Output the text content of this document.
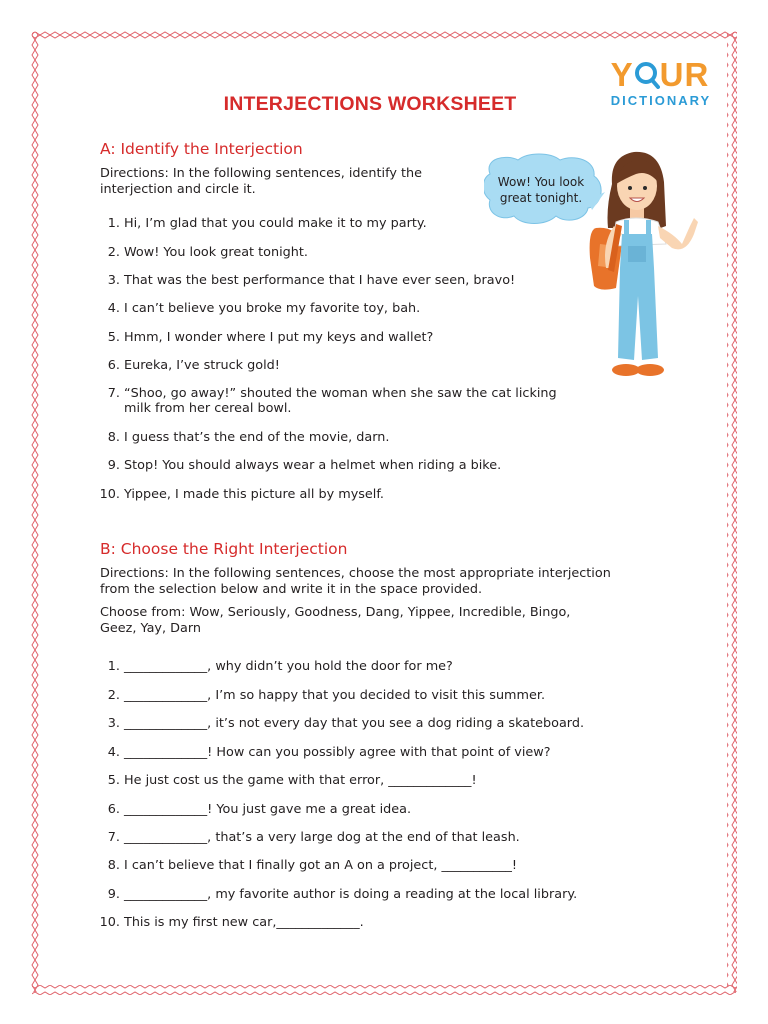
Y UR
DICTIONARY
INTERJECTIONS WORKSHEET
A: Identify the Interjection
Directions: In the following sentences, identify the
interjection and circle it.
1. Hi, I’m glad that you could make it to my party.
2. Wow! You look great tonight.
3. That was the best performance that I have ever seen, bravo!
4. I can’t believe you broke my favorite toy, bah.
5. Hmm, I wonder where I put my keys and wallet?
6. Eureka, I’ve struck gold!
7. “Shoo, go away!” shouted the woman when she saw the cat licking
milk from her cereal bowl.
8. I guess that’s the end of the movie, darn.
9. Stop! You should always wear a helmet when riding a bike.
10. Yippee, I made this picture all by myself.
Wow! You look great tonight.
B: Choose the Right Interjection
Directions: In the following sentences, choose the most appropriate interjection
from the selection below and write it in the space provided.
Choose from: Wow, Seriously, Goodness, Dang, Yippee, Incredible, Bingo,
Geez, Yay, Darn
1. _____________, why didn’t you hold the door for me?
2. _____________, I’m so happy that you decided to visit this summer.
3. _____________, it’s not every day that you see a dog riding a skateboard.
4. _____________! How can you possibly agree with that point of view?
5. He just cost us the game with that error, _____________!
6. _____________! You just gave me a great idea.
7. _____________, that’s a very large dog at the end of that leash.
8. I can’t believe that I finally got an A on a project, ___________!
9. _____________, my favorite author is doing a reading at the local library.
10. This is my first new car,_____________.
